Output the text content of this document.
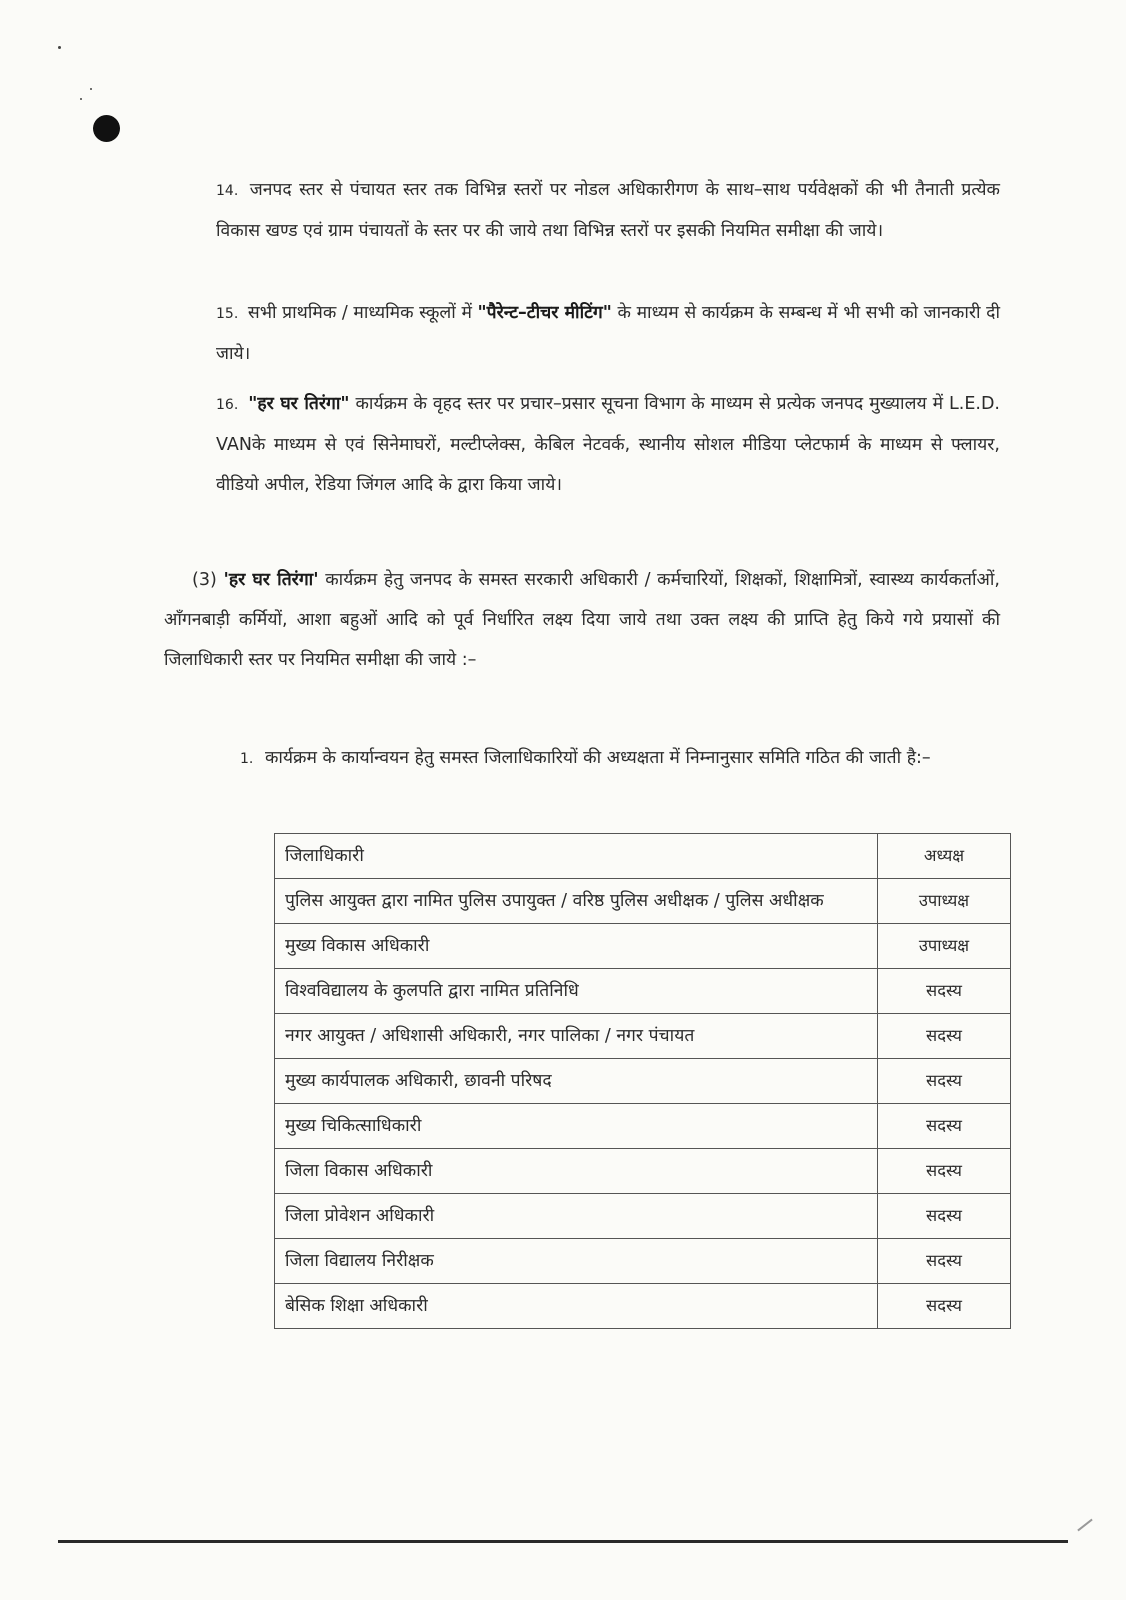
14. जनपद स्तर से पंचायत स्तर तक विभिन्न स्तरों पर नोडल अधिकारीगण के साथ–साथ पर्यवेक्षकों की भी तैनाती प्रत्येक विकास खण्ड एवं ग्राम पंचायतों के स्तर पर की जाये तथा विभिन्न स्तरों पर इसकी नियमित समीक्षा की जाये।

15. सभी प्राथमिक / माध्यमिक स्कूलों में "पैरेन्ट–टीचर मीटिंग" के माध्यम से कार्यक्रम के सम्बन्ध में भी सभी को जानकारी दी जाये।

16. "हर घर तिरंगा" कार्यक्रम के वृहद स्तर पर प्रचार–प्रसार सूचना विभाग के माध्यम से प्रत्येक जनपद मुख्यालय में L.E.D. VANके माध्यम से एवं सिनेमाघरों, मल्टीप्लेक्स, केबिल नेटवर्क, स्थानीय सोशल मीडिया प्लेटफार्म के माध्यम से फ्लायर, वीडियो अपील, रेडिया जिंगल आदि के द्वारा किया जाये।

(3) 'हर घर तिरंगा' कार्यक्रम हेतु जनपद के समस्त सरकारी अधिकारी / कर्मचारियों, शिक्षकों, शिक्षामित्रों, स्वास्थ्य कार्यकर्ताओं, आँगनबाड़ी कर्मियों, आशा बहुओं आदि को पूर्व निर्धारित लक्ष्य दिया जाये तथा उक्त लक्ष्य की प्राप्ति हेतु किये गये प्रयासों की जिलाधिकारी स्तर पर नियमित समीक्षा की जाये :–

1. कार्यक्रम के कार्यान्वयन हेतु समस्त जिलाधिकारियों की अध्यक्षता में निम्नानुसार समिति गठित की जाती है:–

जिलाधिकारी	अध्यक्ष
पुलिस आयुक्त द्वारा नामित पुलिस उपायुक्त / वरिष्ठ पुलिस अधीक्षक / पुलिस अधीक्षक	उपाध्यक्ष
मुख्य विकास अधिकारी	उपाध्यक्ष
विश्वविद्यालय के कुलपति द्वारा नामित प्रतिनिधि	सदस्य
नगर आयुक्त / अधिशासी अधिकारी, नगर पालिका / नगर पंचायत	सदस्य
मुख्य कार्यपालक अधिकारी, छावनी परिषद	सदस्य
मुख्य चिकित्साधिकारी	सदस्य
जिला विकास अधिकारी	सदस्य
जिला प्रोवेशन अधिकारी	सदस्य
जिला विद्यालय निरीक्षक	सदस्य
बेसिक शिक्षा अधिकारी	सदस्य
